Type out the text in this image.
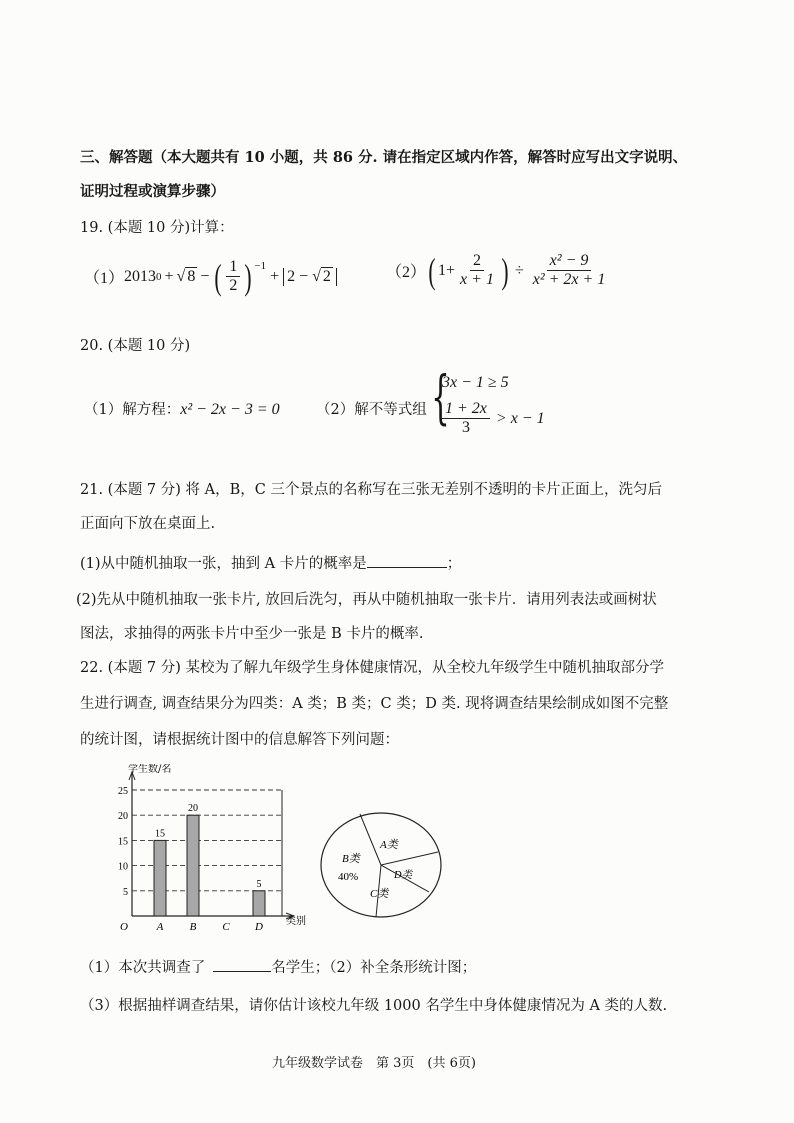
三、解答题（本大题共有 10 小题，共 86 分. 请在指定区域内作答，解答时应写出文字说明、
证明过程或演算步骤）
19. (本题 10 分)计算：
（1） 2013 0 + √ 8 − ( $\frac{1}{2}$ ) −1
+ 2 − √ 2	（2） ( $1+ \frac{2}{x + 1}$ ) ÷ $\frac{\text{x² − 9}}{\text{x² + 2x + 1}}$
20. (本题 10 分)
（1）解方程：x² − 2x − 3 = 0	（2）解不等式组 {
3x − 1 ≥ 5
$\frac{1 + 2x}{3} > x - 1$
21. (本题 7 分) 将 A，B，C 三个景点的名称写在三张无差别不透明的卡片正面上，洗匀后
正面向下放在桌面上.
(1)从中随机抽取一张，抽到 A 卡片的概率是	；
(2)先从中随机抽取一张卡片, 放回后洗匀，再从中随机抽取一张卡片．请用列表法或画树状
图法，求抽得的两张卡片中至少一张是 B 卡片的概率.
22. (本题 7 分) 某校为了解九年级学生身体健康情况，从全校九年级学生中随机抽取部分学
生进行调查, 调查结果分为四类：A 类；B 类；C 类；D 类. 现将调查结果绘制成如图不完整
的统计图，请根据统计图中的信息解答下列问题：
5
10
15
20
25
O
学生数/名
类别
A
15
B
20
C D
5
A类
B类
40%	D类
C类
（1）本次共调查了	名学生；（2）补全条形统计图；
（3）根据抽样调查结果，请你估计该校九年级 1000 名学生中身体健康情况为 A 类的人数.
九年级数学试卷　第 3页　(共 6页)
